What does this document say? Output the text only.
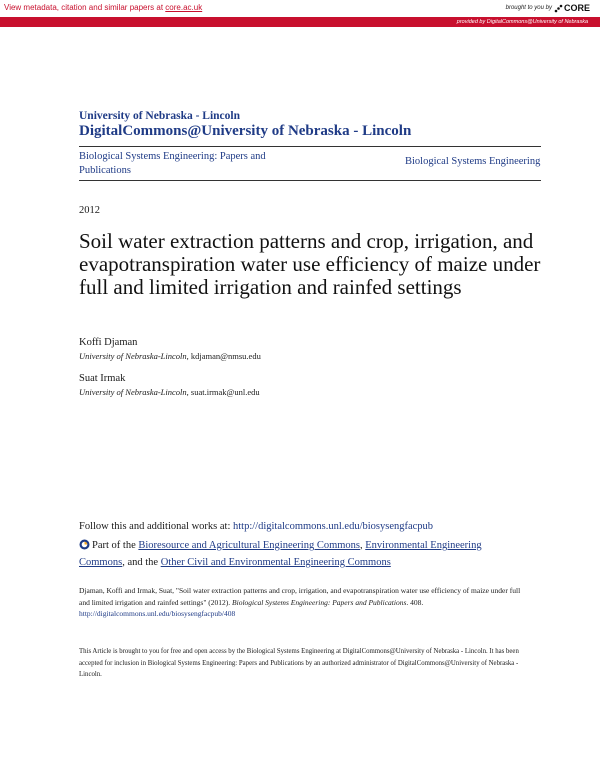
View metadata, citation and similar papers at core.ac.uk	brought to you by CORE
provided by DigitalCommons@University of Nebraska
University of Nebraska - Lincoln
DigitalCommons@University of Nebraska - Lincoln
Biological Systems Engineering: Papers and Publications
Biological Systems Engineering
2012
Soil water extraction patterns and crop, irrigation, and evapotranspiration water use efficiency of maize under full and limited irrigation and rainfed settings
Koffi Djaman
University of Nebraska-Lincoln, kdjaman@nmsu.edu
Suat Irmak
University of Nebraska-Lincoln, suat.irmak@unl.edu
Follow this and additional works at: http://digitalcommons.unl.edu/biosysengfacpub
Part of the Bioresource and Agricultural Engineering Commons, Environmental Engineering Commons, and the Other Civil and Environmental Engineering Commons
Djaman, Koffi and Irmak, Suat, "Soil water extraction patterns and crop, irrigation, and evapotranspiration water use efficiency of maize under full and limited irrigation and rainfed settings" (2012). Biological Systems Engineering: Papers and Publications. 408.
http://digitalcommons.unl.edu/biosysengfacpub/408
This Article is brought to you for free and open access by the Biological Systems Engineering at DigitalCommons@University of Nebraska - Lincoln. It has been accepted for inclusion in Biological Systems Engineering: Papers and Publications by an authorized administrator of DigitalCommons@University of Nebraska - Lincoln.
